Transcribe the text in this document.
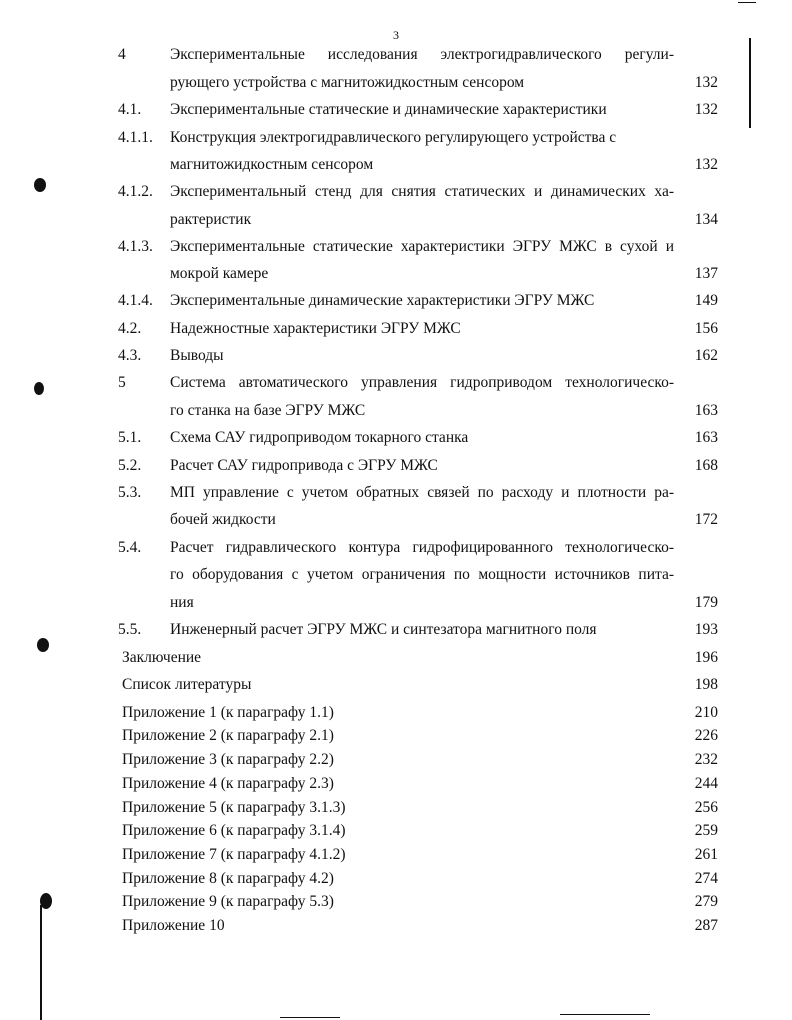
3
4	Экспериментальные исследования электрогидравлического регули-
рующего устройства с магнитожидкостным сенсором	132
4.1. Экспериментальные статические и динамические характеристики	132
4.1.1. Конструкция электрогидравлического регулирующего устройства с
магнитожидкостным сенсором	132
4.1.2. Экспериментальный стенд для снятия статических и динамических ха-
рактеристик	134
4.1.3. Экспериментальные статические характеристики ЭГРУ МЖС в сухой и
мокрой камере	137
4.1.4. Экспериментальные динамические характеристики ЭГРУ МЖС	149
4.2. Надежностные характеристики ЭГРУ МЖС	156
4.3. Выводы	162
5	Система автоматического управления гидроприводом технологическо-
го станка на базе ЭГРУ МЖС	163
5.1. Схема САУ гидроприводом токарного станка	163
5.2. Расчет САУ гидропривода с ЭГРУ МЖС	168
5.3. МП управление с учетом обратных связей по расходу и плотности ра-
бочей жидкости	172
5.4. Расчет гидравлического контура гидрофицированного технологическо-
го оборудования с учетом ограничения по мощности источников пита-
ния	179
5.5. Инженерный расчет ЭГРУ МЖС и синтезатора магнитного поля	193
Заключение	196
Список литературы	198
Приложение 1 (к параграфу 1.1)	210
Приложение 2 (к параграфу 2.1)	226
Приложение 3 (к параграфу 2.2)	232
Приложение 4 (к параграфу 2.3)	244
Приложение 5 (к параграфу 3.1.3)	256
Приложение 6 (к параграфу 3.1.4)	259
Приложение 7 (к параграфу 4.1.2)	261
Приложение 8 (к параграфу 4.2)	274
Приложение 9 (к параграфу 5.3)	279
Приложение 10	287
